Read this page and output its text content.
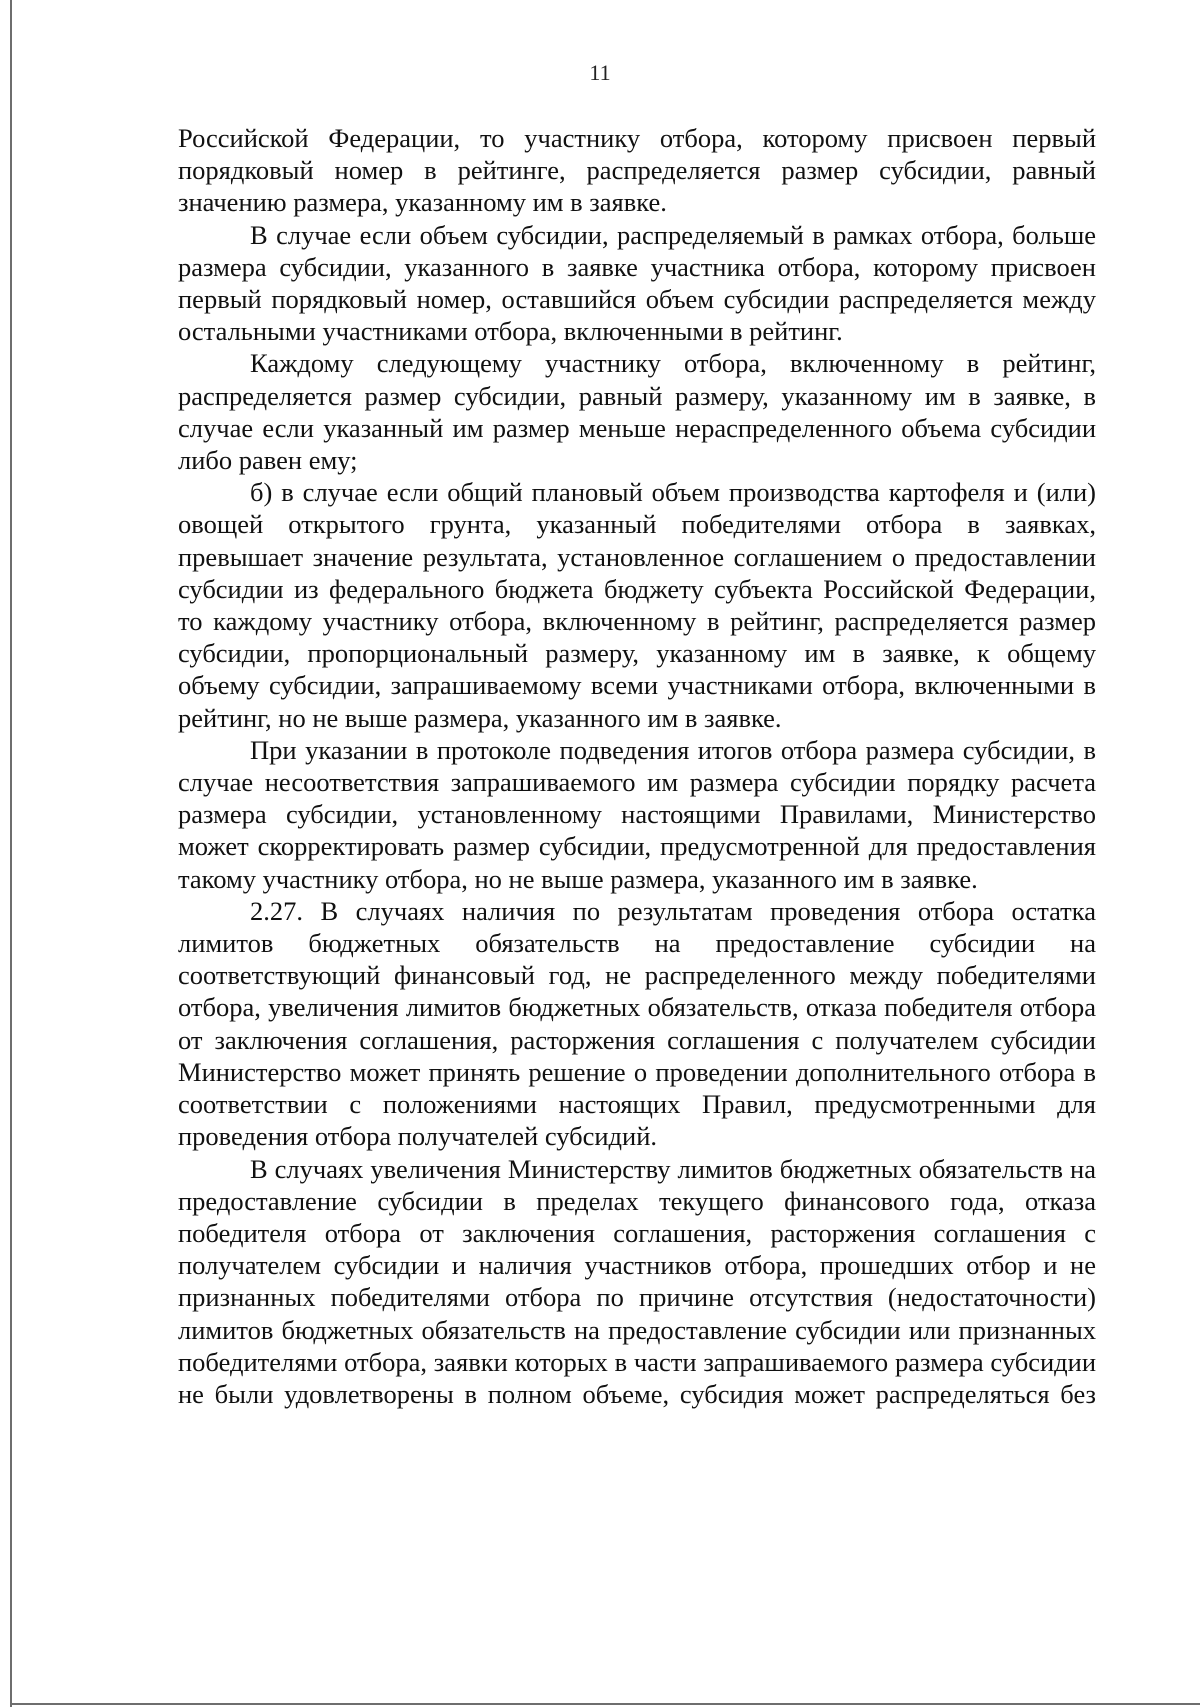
11

Российской Федерации, то участнику отбора, которому присвоен первый порядковый номер в рейтинге, распределяется размер субсидии, равный значению размера, указанному им в заявке.

В случае если объем субсидии, распределяемый в рамках отбора, больше размера субсидии, указанного в заявке участника отбора, которому присвоен первый порядковый номер, оставшийся объем субсидии распределяется между остальными участниками отбора, включенными в рейтинг.

Каждому следующему участнику отбора, включенному в рейтинг, распределяется размер субсидии, равный размеру, указанному им в заявке, в случае если указанный им размер меньше нераспределенного объема субсидии либо равен ему;

б) в случае если общий плановый объем производства картофеля и (или) овощей открытого грунта, указанный победителями отбора в заявках, превышает значение результата, установленное соглашением о предоставлении субсидии из федерального бюджета бюджету субъекта Российской Федерации, то каждому участнику отбора, включенному в рейтинг, распределяется размер субсидии, пропорциональный размеру, указанному им в заявке, к общему объему субсидии, запрашиваемому всеми участниками отбора, включенными в рейтинг, но не выше размера, указанного им в заявке.

При указании в протоколе подведения итогов отбора размера субсидии, в случае несоответствия запрашиваемого им размера субсидии порядку расчета размера субсидии, установленному настоящими Правилами, Министерство может скорректировать размер субсидии, предусмотренной для предоставления такому участнику отбора, но не выше размера, указанного им в заявке.

2.27. В случаях наличия по результатам проведения отбора остатка лимитов бюджетных обязательств на предоставление субсидии на соответствующий финансовый год, не распределенного между победителями отбора, увеличения лимитов бюджетных обязательств, отказа победителя отбора от заключения соглашения, расторжения соглашения с получателем субсидии Министерство может принять решение о проведении дополнительного отбора в соответствии с положениями настоящих Правил, предусмотренными для проведения отбора получателей субсидий.

В случаях увеличения Министерству лимитов бюджетных обязательств на предоставление субсидии в пределах текущего финансового года, отказа победителя отбора от заключения соглашения, расторжения соглашения с получателем субсидии и наличия участников отбора, прошедших отбор и не признанных победителями отбора по причине отсутствия (недостаточности) лимитов бюджетных обязательств на предоставление субсидии или признанных победителями отбора, заявки которых в части запрашиваемого размера субсидии не были удовлетворены в полном объеме, субсидия может распределяться без
